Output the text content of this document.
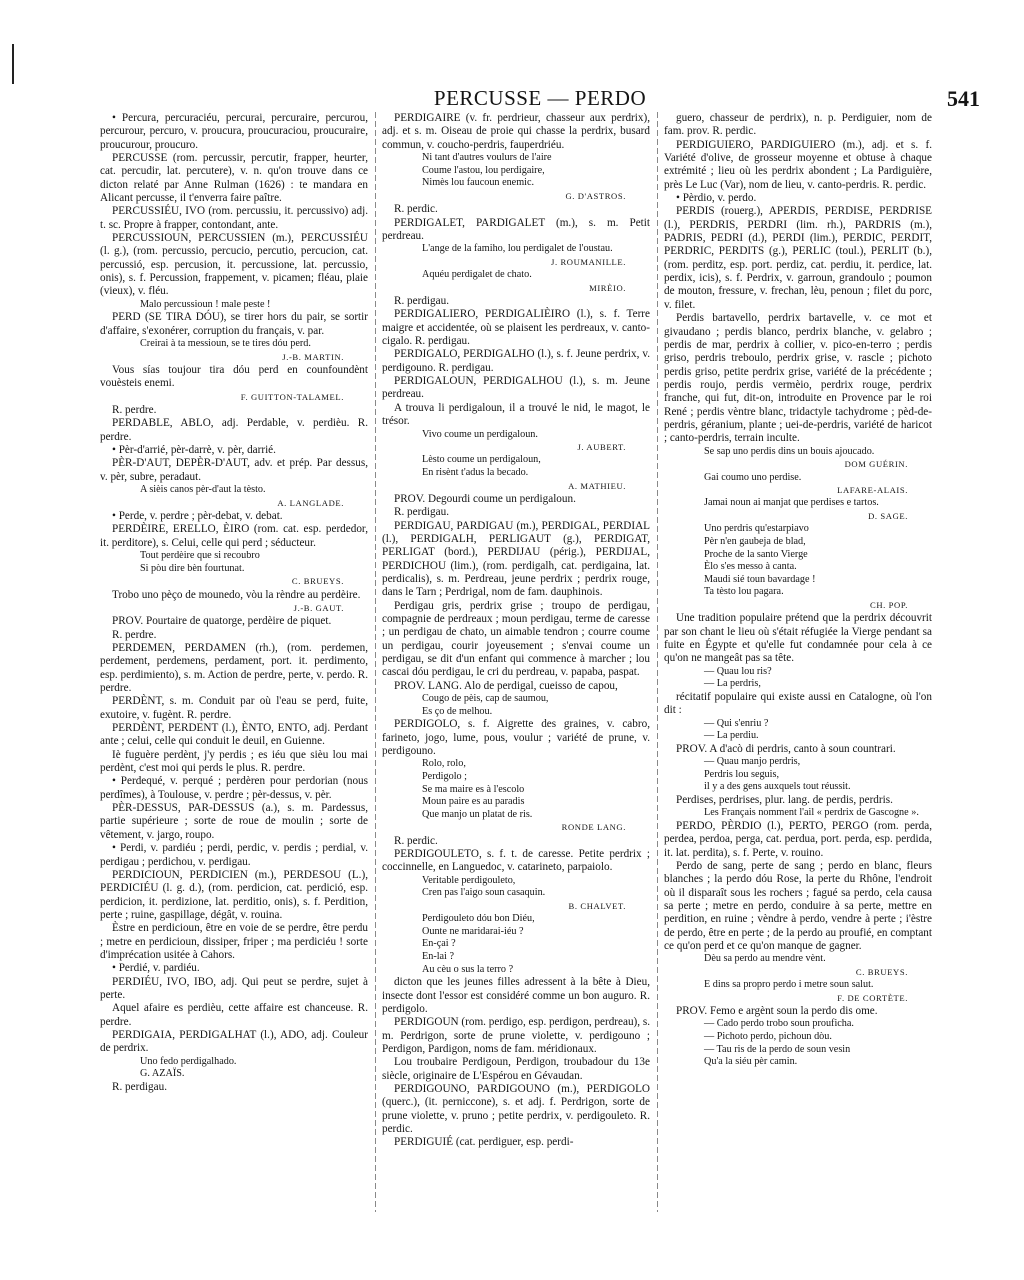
PERCUSSE — PERDO	541

• Percura, percuraciéu, percurai, percuraire, percurou, percurour, percuro, v. proucura, proucuraciou, proucuraire, proucurour, proucuro.

PERCUSSE (rom. percussir, percutir, frapper, heurter, cat. percudir, lat. percutere), v. n. qu'on trouve dans ce dicton relaté par Anne Rulman (1626) : te mandara en Alicant percusse, il t'enverra faire paître.

PERCUSSIÉU, IVO (rom. percussiu, it. percussivo) adj. t. sc. Propre à frapper, contondant, ante.

PERCUSSIOUN, PERCUSSIEN (m.), PERCUSSIÉU (l. g.), (rom. percussio, percucio, percutio, percucion, cat. percussió, esp. percusion, it. percussione, lat. percussio, onis), s. f. Percussion, frappement, v. picamen; fléau, plaie (vieux), v. fléu.

Malo percussioun ! male peste !

PERD (SE TIRA DÓU), se tirer hors du pair, se sortir d'affaire, s'exonérer, corruption du français, v. par.

Creirai à ta messioun, se te tires dóu perd.

J.-B. MARTIN.

Vous sías toujour tira dóu perd en counfoundènt vouèsteis enemi.

F. GUITTON-TALAMEL.

R. perdre.

PERDABLE, ABLO, adj. Perdable, v. perdièu. R. perdre.

• Pèr-d'arrié, pèr-darrè, v. pèr, darrié.

PÈR-D'AUT, DEPÈR-D'AUT, adv. et prép. Par dessus, v. pèr, subre, peradaut.

A sièis canos pèr-d'aut la tèsto.

A. LANGLADE.

• Perde, v. perdre ; pèr-debat, v. debat.

PERDÈIRE, ERELLO, ÈIRO (rom. cat. esp. perdedor, it. perditore), s. Celui, celle qui perd ; séducteur.

Tout perdèire que si recoubro

Si pòu dire bèn fourtunat.

C. BRUEYS.

Trobo uno pèço de mounedo, vòu la rèndre au perdèire.

J.-B. GAUT.

PROV. Pourtaire de quatorge, perdèire de piquet.

R. perdre.

PERDEMEN, PERDAMEN (rh.), (rom. perdemen, perdement, perdemens, perdament, port. it. perdimento, esp. perdimiento), s. m. Action de perdre, perte, v. perdo. R. perdre.

PERDÈNT, s. m. Conduit par où l'eau se perd, fuite, exutoire, v. fugènt. R. perdre.

PERDÈNT, PERDENT (l.), ÈNTO, ENTO, adj. Perdant ante ; celui, celle qui conduit le deuil, en Guienne.

Iè fuguère perdènt, j'y perdis ; es iéu que sièu lou mai perdènt, c'est moi qui perds le plus. R. perdre.

• Perdequé, v. perqué ; perdèren pour perdorian (nous perdîmes), à Toulouse, v. perdre ; pèr-dessus, v. pèr.

PÈR-DESSUS, PAR-DESSUS (a.), s. m. Pardessus, partie supérieure ; sorte de roue de moulin ; sorte de vêtement, v. jargo, roupo.

• Perdi, v. pardiéu ; perdi, perdic, v. perdis ; perdial, v. perdigau ; perdichou, v. perdigau.

PERDICIOUN, PERDICIEN (m.), PERDESOU (L.), PERDICIÉU (l. g. d.), (rom. perdicion, cat. perdició, esp. perdicion, it. perdizione, lat. perditio, onis), s. f. Perdition, perte ; ruine, gaspillage, dégât, v. rouina.

Èstre en perdicioun, être en voie de se perdre, être perdu ; metre en perdicioun, dissiper, friper ; ma perdiciéu ! sorte d'imprécation usitée à Cahors.

• Perdié, v. pardiéu.

PERDIÉU, IVO, IBO, adj. Qui peut se perdre, sujet à perte.

Aquel afaire es perdièu, cette affaire est chanceuse. R. perdre.

PERDIGAIA, PERDIGALHAT (l.), ADO, adj. Couleur de perdrix.

Uno fedo perdigalhado.

G. AZAÏS.

R. perdigau.

PERDIGAIRE (v. fr. perdrieur, chasseur aux perdrix), adj. et s. m. Oiseau de proie qui chasse la perdrix, busard commun, v. coucho-perdris, fauperdriéu.

Ni tant d'autres voulurs de l'aire

Coume l'astou, lou perdigaire,

Nimès lou faucoun enemic.

G. D'ASTROS.

R. perdic.

PERDIGALET, PARDIGALET (m.), s. m. Petit perdreau.

L'ange de la famiho, lou perdigalet de l'oustau.

J. ROUMANILLE.

Aquéu perdigalet de chato.

MIRÈIO.

R. perdigau.

PERDIGALIERO, PERDIGALIÈIRO (l.), s. f. Terre maigre et accidentée, où se plaisent les perdreaux, v. canto-cigalo. R. perdigau.

PERDIGALO, PERDIGALHO (l.), s. f. Jeune perdrix, v. perdigouno. R. perdigau.

PERDIGALOUN, PERDIGALHOU (l.), s. m. Jeune perdreau.

A trouva li perdigaloun, il a trouvé le nid, le magot, le trésor.

Vivo coume un perdigaloun.

J. AUBERT.

Lèsto coume un perdigaloun,

En risènt t'adus la becado.

A. MATHIEU.

PROV. Degourdi coume un perdigaloun.

R. perdigau.

PERDIGAU, PARDIGAU (m.), PERDIGAL, PERDIAL (l.), PERDIGALH, PERLIGAUT (g.), PERDIGAT, PERLIGAT (bord.), PERDIJAU (périg.), PERDIJAL, PERDICHOU (lim.), (rom. perdigalh, cat. perdigaina, lat. perdicalis), s. m. Perdreau, jeune perdrix ; perdrix rouge, dans le Tarn ; Perdrigal, nom de fam. dauphinois.

Perdigau gris, perdrix grise ; troupo de perdigau, compagnie de perdreaux ; moun perdigau, terme de caresse ; un perdigau de chato, un aimable tendron ; courre coume un perdigau, courir joyeusement ; s'envai coume un perdigau, se dit d'un enfant qui commence à marcher ; lou cascai dóu perdigau, le cri du perdreau, v. papaba, paspat.

PROV. LANG. Alo de perdigal, cueisso de capou,

Cougo de pèis, cap de saumou,

Es ço de melhou.

PERDIGOLO, s. f. Aigrette des graines, v. cabro, farineto, jogo, lume, pous, voulur ; variété de prune, v. perdigouno.

Rolo, rolo,

Perdigolo ;

Se ma maire es à l'escolo

Moun paire es au paradis

Que manjo un platat de ris.

RONDE LANG.

R. perdic.

PERDIGOULETO, s. f. t. de caresse. Petite perdrix ; coccinnelle, en Languedoc, v. catarineto, parpaiolo.

Veritable perdigouleto,

Cren pas l'aigo soun casaquin.

B. CHALVET.

Perdigouleto dóu bon Diéu,

Ounte ne maridarai-iéu ?

En-çai ?

En-lai ?

Au cèu o sus la terro ?

dicton que les jeunes filles adressent à la bête à Dieu, insecte dont l'essor est considéré comme un bon auguro. R. perdigolo.

PERDIGOUN (rom. perdigo, esp. perdigon, perdreau), s. m. Perdrigon, sorte de prune violette, v. perdigouno ; Perdigon, Pardigon, noms de fam. méridionaux.

Lou troubaire Perdigoun, Perdigon, troubadour du 13e siècle, originaire de L'Espérou en Gévaudan.

PERDIGOUNO, PARDIGOUNO (m.), PERDIGOLO (querc.), (it. perniccone), s. et adj. f. Perdrigon, sorte de prune violette, v. pruno ; petite perdrix, v. perdigouleto. R. perdic.

PERDIGUIÉ (cat. perdiguer, esp. perdi-

guero, chasseur de perdrix), n. p. Perdiguier, nom de fam. prov. R. perdic.

PERDIGUIERO, PARDIGUIERO (m.), adj. et s. f. Variété d'olive, de grosseur moyenne et obtuse à chaque extrémité ; lieu où les perdrix abondent ; La Pardiguière, près Le Luc (Var), nom de lieu, v. canto-perdris. R. perdic.

• Pèrdio, v. perdo.

PERDIS (rouerg.), APERDIS, PERDISE, PERDRISE (l.), PERDRIS, PERDRI (lim. rh.), PARDRIS (m.), PADRIS, PEDRI (d.), PERDI (lim.), PERDIC, PERDIT, PERDRIC, PERDITS (g.), PERLIC (toul.), PERLIT (b.), (rom. perditz, esp. port. perdiz, cat. perdiu, it. perdice, lat. perdix, icis), s. f. Perdrix, v. garroun, grandoulo ; poumon de mouton, fressure, v. frechan, lèu, penoun ; filet du porc, v. filet.

Perdis bartavello, perdrix bartavelle, v. ce mot et givaudano ; perdis blanco, perdrix blanche, v. gelabro ; perdis de mar, perdrix à collier, v. pico-en-terro ; perdis griso, perdris treboulo, perdrix grise, v. rascle ; pichoto perdis griso, petite perdrix grise, variété de la précédente ; perdis roujo, perdis vermèio, perdrix rouge, perdrix franche, qui fut, dit-on, introduite en Provence par le roi René ; perdis vèntre blanc, tridactyle tachydrome ; pèd-de-perdris, géranium, plante ; uei-de-perdris, variété de haricot ; canto-perdris, terrain inculte.

Se sap uno perdis dins un bouis ajoucado.

DOM GUÉRIN.

Gai coumo uno perdise.

LAFARE-ALAIS.

Jamai noun ai manjat que perdises e tartos.

D. SAGE.

Uno perdris qu'estarpiavo

Pèr n'en gaubeja de blad,

Proche de la santo Vierge

Èlo s'es messo à canta.

Maudi sié toun bavardage !

Ta tèsto lou pagara.

CH. POP.

Une tradition populaire prétend que la perdrix découvrit par son chant le lieu où s'était réfugiée la Vierge pendant sa fuite en Égypte et qu'elle fut condamnée pour cela à ce qu'on ne mangeât pas sa tête.

— Quau lou ris?

— La perdris,

récitatif populaire qui existe aussi en Catalogne, où l'on dit :

— Qui s'enriu ?

— La perdiu.

PROV. A d'acò di perdris, canto à soun countrari.

— Quau manjo perdris,

Perdris lou seguis,

il y a des gens auxquels tout réussit.

Perdises, perdrises, plur. lang. de perdis, perdris.

Les Français nomment l'ail « perdrix de Gascogne ».

PERDO, PÈRDIO (l.), PERTO, PERGO (rom. perda, perdea, perdoa, perga, cat. perdua, port. perda, esp. perdida, it. lat. perdita), s. f. Perte, v. rouino.

Perdo de sang, perte de sang ; perdo en blanc, fleurs blanches ; la perdo dóu Rose, la perte du Rhône, l'endroit où il disparaît sous les rochers ; fagué sa perdo, cela causa sa perte ; metre en perdo, conduire à sa perte, mettre en perdition, en ruine ; vèndre à perdo, vendre à perte ; i'èstre de perdo, être en perte ; de la perdo au proufié, en comptant ce qu'on perd et ce qu'on manque de gagner.

Dèu sa perdo au mendre vènt.

C. BRUEYS.

E dins sa propro perdo i metre soun salut.

F. DE CORTÈTE.

PROV. Femo e argènt soun la perdo dis ome.

— Cado perdo trobo soun prouficha.

— Pichoto perdo, pichoun dòu.

— Tau ris de la perdo de soun vesin

Qu'a la siéu pèr camin.
